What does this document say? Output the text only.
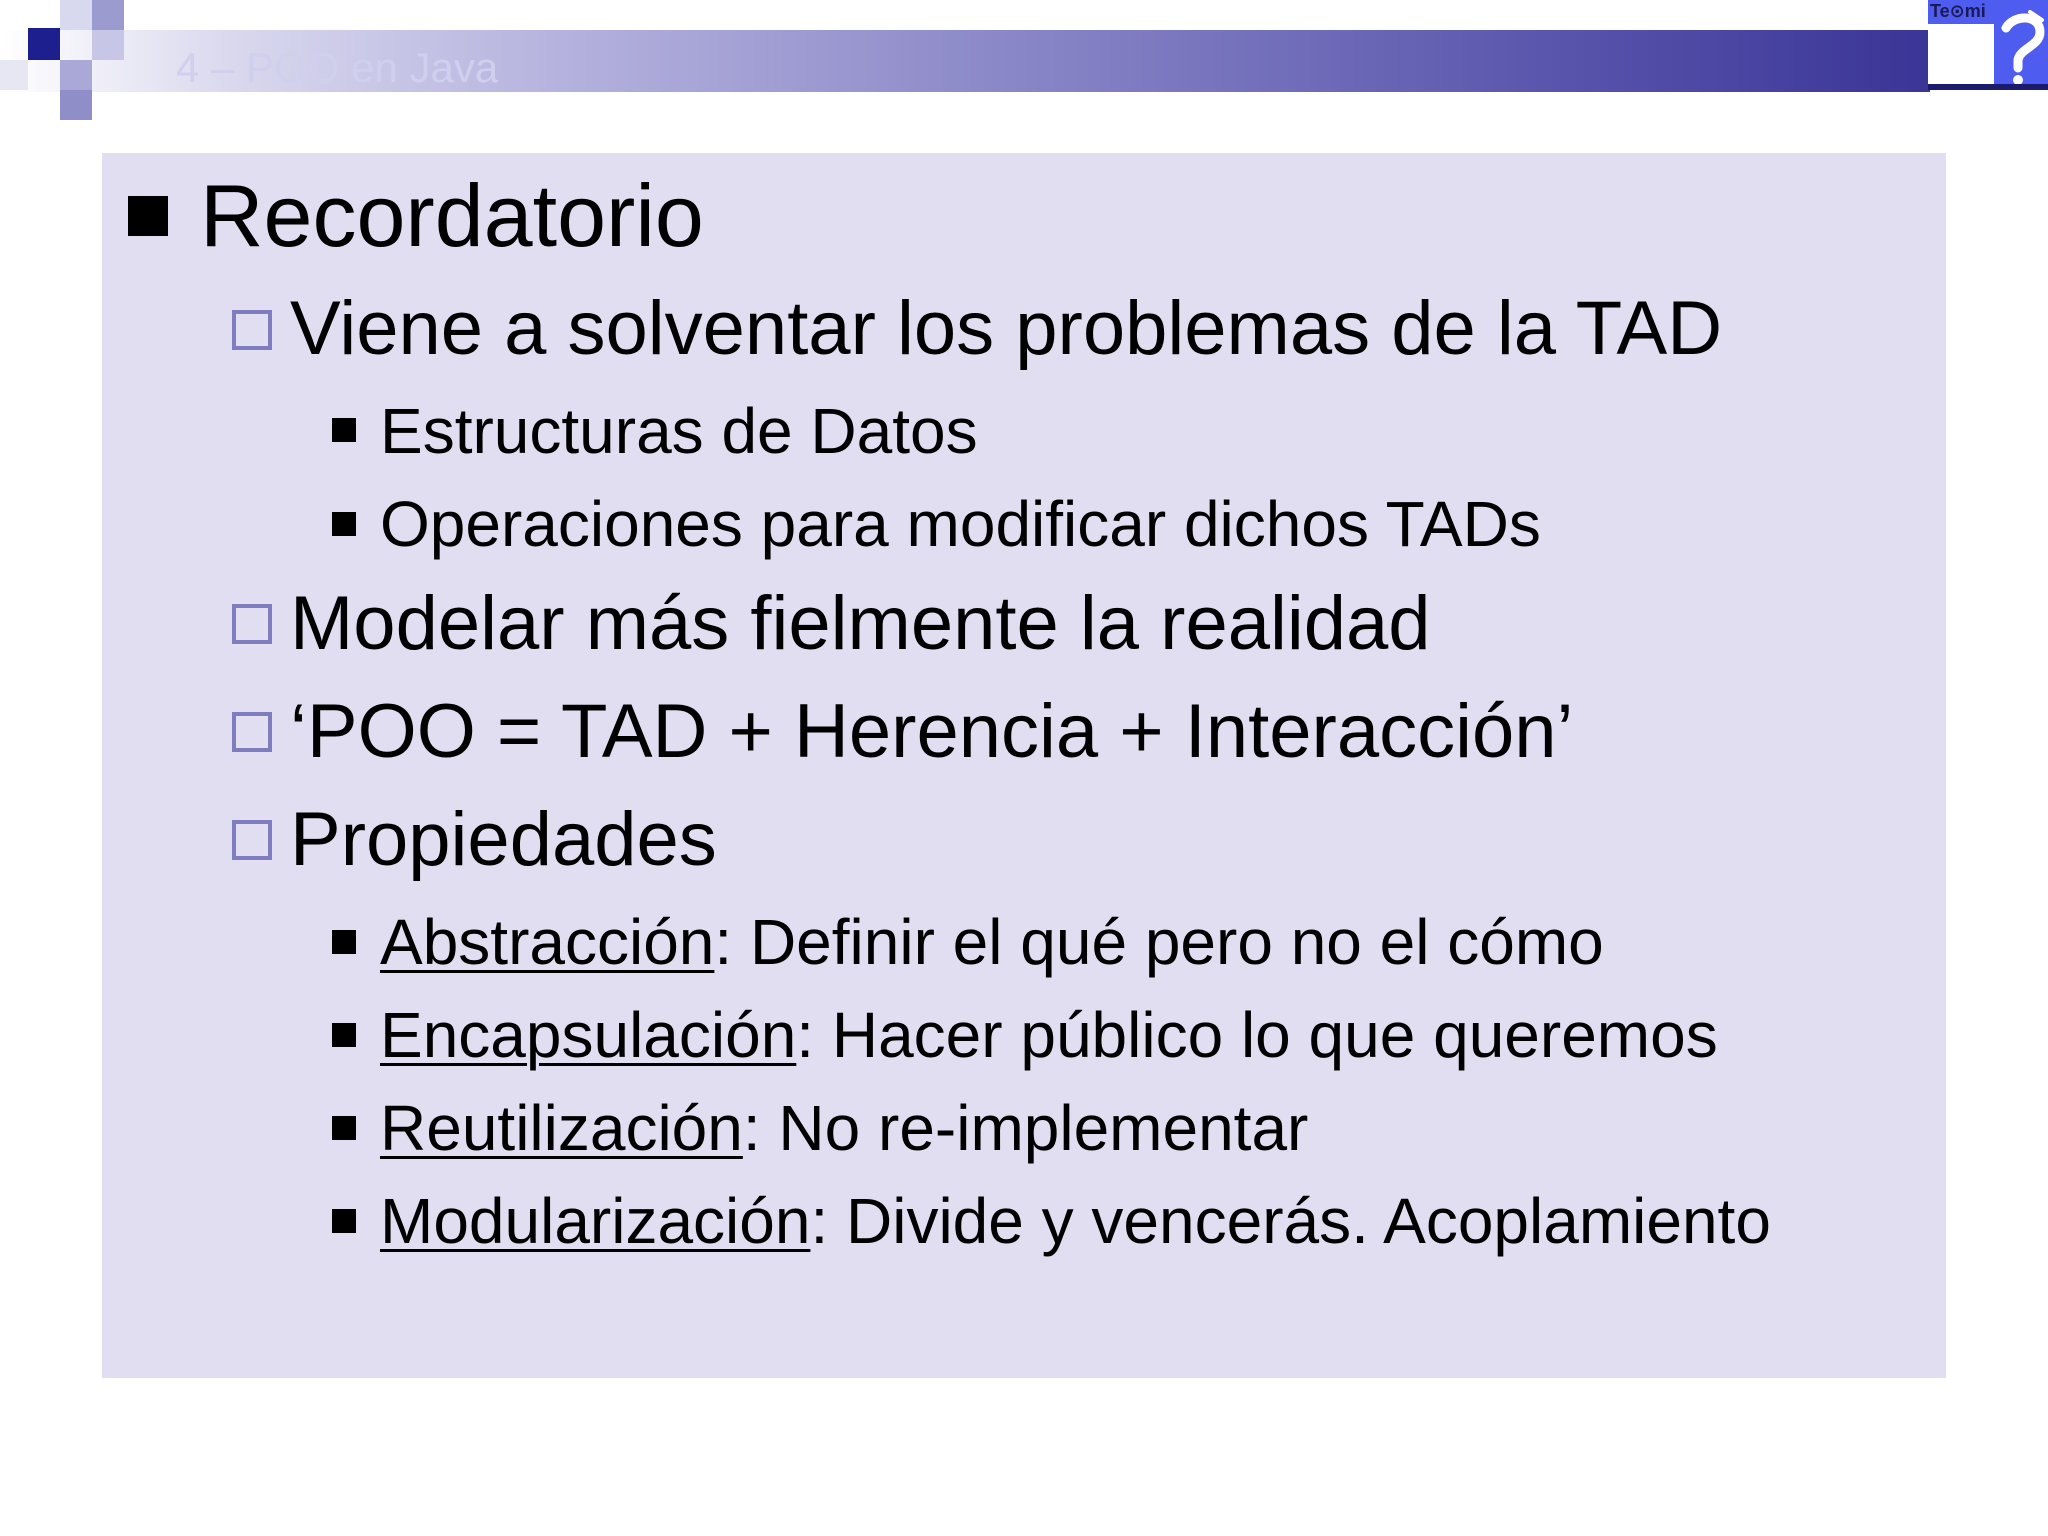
4 – POO en Java
Te⊙mi
Recordatorio
Viene a solventar los problemas de la TAD
Estructuras de Datos
Operaciones para modificar dichos TADs
Modelar más fielmente la realidad
‘POO = TAD + Herencia + Interacción’
Propiedades
Abstracción: Definir el qué pero no el cómo
Encapsulación: Hacer público lo que queremos
Reutilización: No re-implementar
Modularización: Divide y vencerás. Acoplamiento
